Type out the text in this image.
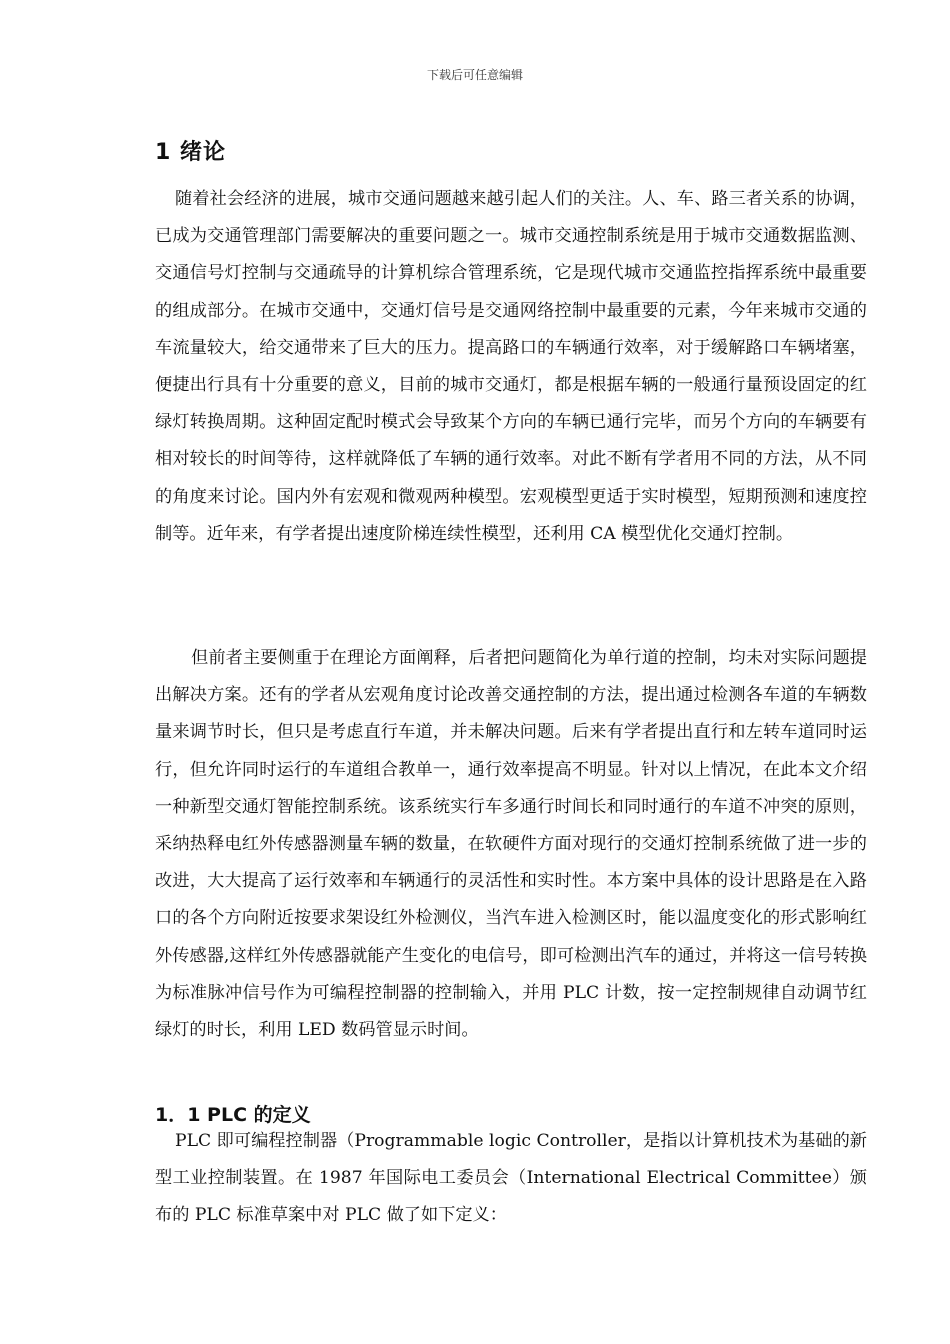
下载后可任意编辑
1 绪论

随着社会经济的进展，城市交通问题越来越引起人们的关注。人、车、路三者关系的协调，已成为交通管理部门需要解决的重要问题之一。城市交通控制系统是用于城市交通数据监测、交通信号灯控制与交通疏导的计算机综合管理系统，它是现代城市交通监控指挥系统中最重要的组成部分。在城市交通中，交通灯信号是交通网络控制中最重要的元素，今年来城市交通的车流量较大，给交通带来了巨大的压力。提高路口的车辆通行效率，对于缓解路口车辆堵塞，便捷出行具有十分重要的意义，目前的城市交通灯，都是根据车辆的一般通行量预设固定的红绿灯转换周期。这种固定配时模式会导致某个方向的车辆已通行完毕，而另个方向的车辆要有相对较长的时间等待，这样就降低了车辆的通行效率。对此不断有学者用不同的方法，从不同的角度来讨论。国内外有宏观和微观两种模型。宏观模型更适于实时模型，短期预测和速度控制等。近年来，有学者提出速度阶梯连续性模型，还利用 CA 模型优化交通灯控制。

但前者主要侧重于在理论方面阐释，后者把问题简化为单行道的控制，均未对实际问题提出解决方案。还有的学者从宏观角度讨论改善交通控制的方法，提出通过检测各车道的车辆数量来调节时长，但只是考虑直行车道，并未解决问题。后来有学者提出直行和左转车道同时运行，但允许同时运行的车道组合教单一，通行效率提高不明显。针对以上情况，在此本文介绍一种新型交通灯智能控制系统。该系统实行车多通行时间长和同时通行的车道不冲突的原则，采纳热释电红外传感器测量车辆的数量，在软硬件方面对现行的交通灯控制系统做了进一步的改进，大大提高了运行效率和车辆通行的灵活性和实时性。本方案中具体的设计思路是在入路口的各个方向附近按要求架设红外检测仪，当汽车进入检测区时，能以温度变化的形式影响红外传感器,这样红外传感器就能产生变化的电信号，即可检测出汽车的通过，并将这一信号转换为标准脉冲信号作为可编程控制器的控制输入，并用 PLC 计数，按一定控制规律自动调节红绿灯的时长，利用 LED 数码管显示时间。

1．1 PLC 的定义

PLC 即可编程控制器（Programmable logic Controller，是指以计算机技术为基础的新型工业控制装置。在 1987 年国际电工委员会（International Electrical Committee）颁布的 PLC 标准草案中对 PLC 做了如下定义：
